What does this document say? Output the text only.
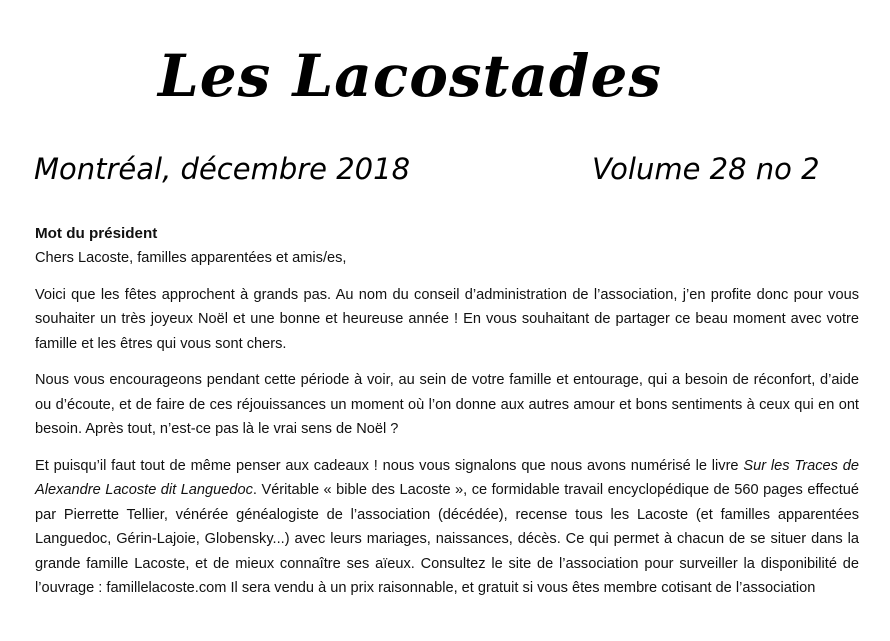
Les Lacostades
Montréal, décembre 2018	Volume 28 no 2

Mot du président

Chers Lacoste, familles apparentées et amis/es,

Voici que les fêtes approchent à grands pas. Au nom du conseil d’administration de l’association, j’en profite donc pour vous souhaiter un très joyeux Noël et une bonne et heureuse année ! En vous souhaitant de partager ce beau moment avec votre famille et les êtres qui vous sont chers.

Nous vous encourageons pendant cette période à voir, au sein de votre famille et entourage, qui a besoin de réconfort, d’aide ou d’écoute, et de faire de ces réjouissances un moment où l’on donne aux autres amour et bons sentiments à ceux qui en ont besoin. Après tout, n’est-ce pas là le vrai sens de Noël ?

Et puisqu’il faut tout de même penser aux cadeaux ! nous vous signalons que nous avons numérisé le livre Sur les Traces de Alexandre Lacoste dit Languedoc. Véritable « bible des Lacoste », ce formidable travail encyclopédique de 560 pages effectué par Pierrette Tellier, vénérée généalogiste de l’association (décédée), recense tous les Lacoste (et familles apparentées Languedoc, Gérin-Lajoie, Globensky...) avec leurs mariages, naissances, décès. Ce qui permet à chacun de se situer dans la grande famille Lacoste, et de mieux connaître ses aïeux. Consultez le site de l’association pour surveiller la disponibilité de l’ouvrage : famillelacoste.com Il sera vendu à un prix raisonnable, et gratuit si vous êtes membre cotisant de l’association
